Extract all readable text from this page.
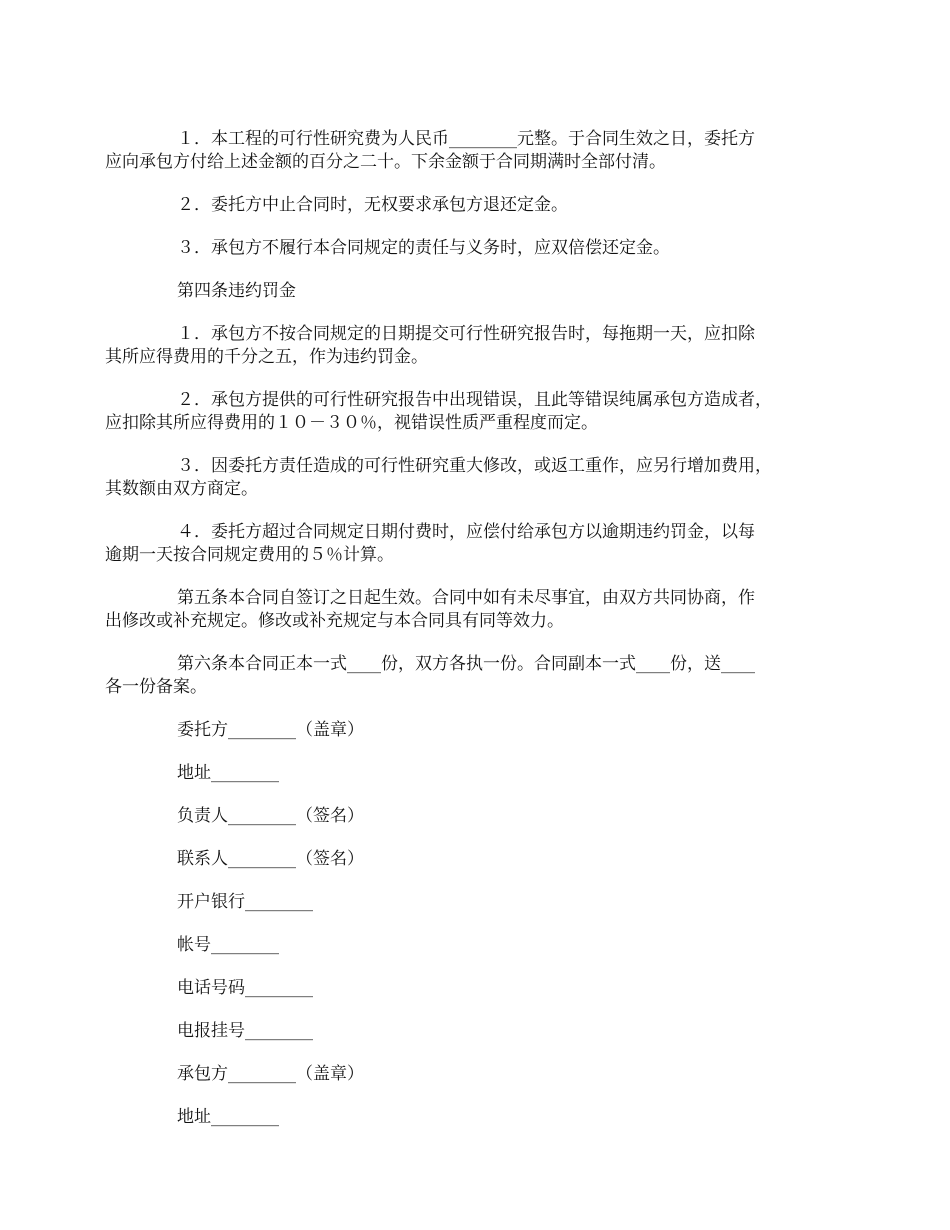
１．本工程的可行性研究费为人民币________元整。于合同生效之日，委托方
应向承包方付给上述金额的百分之二十。下余金额于合同期满时全部付清。

２．委托方中止合同时，无权要求承包方退还定金。

３．承包方不履行本合同规定的责任与义务时，应双倍偿还定金。

第四条违约罚金

１．承包方不按合同规定的日期提交可行性研究报告时，每拖期一天，应扣除
其所应得费用的千分之五，作为违约罚金。

２．承包方提供的可行性研究报告中出现错误，且此等错误纯属承包方造成者，
应扣除其所应得费用的１０－３０％，视错误性质严重程度而定。

３．因委托方责任造成的可行性研究重大修改，或返工重作，应另行增加费用，
其数额由双方商定。

４．委托方超过合同规定日期付费时，应偿付给承包方以逾期违约罚金，以每
逾期一天按合同规定费用的５％计算。

第五条本合同自签订之日起生效。合同中如有未尽事宜，由双方共同协商，作
出修改或补充规定。修改或补充规定与本合同具有同等效力。

第六条本合同正本一式____份，双方各执一份。合同副本一式____份，送____
各一份备案。

委托方________（盖章）
地址________
负责人________（签名）
联系人________（签名）
开户银行________
帐号________
电话号码________
电报挂号________
承包方________（盖章）
地址________
